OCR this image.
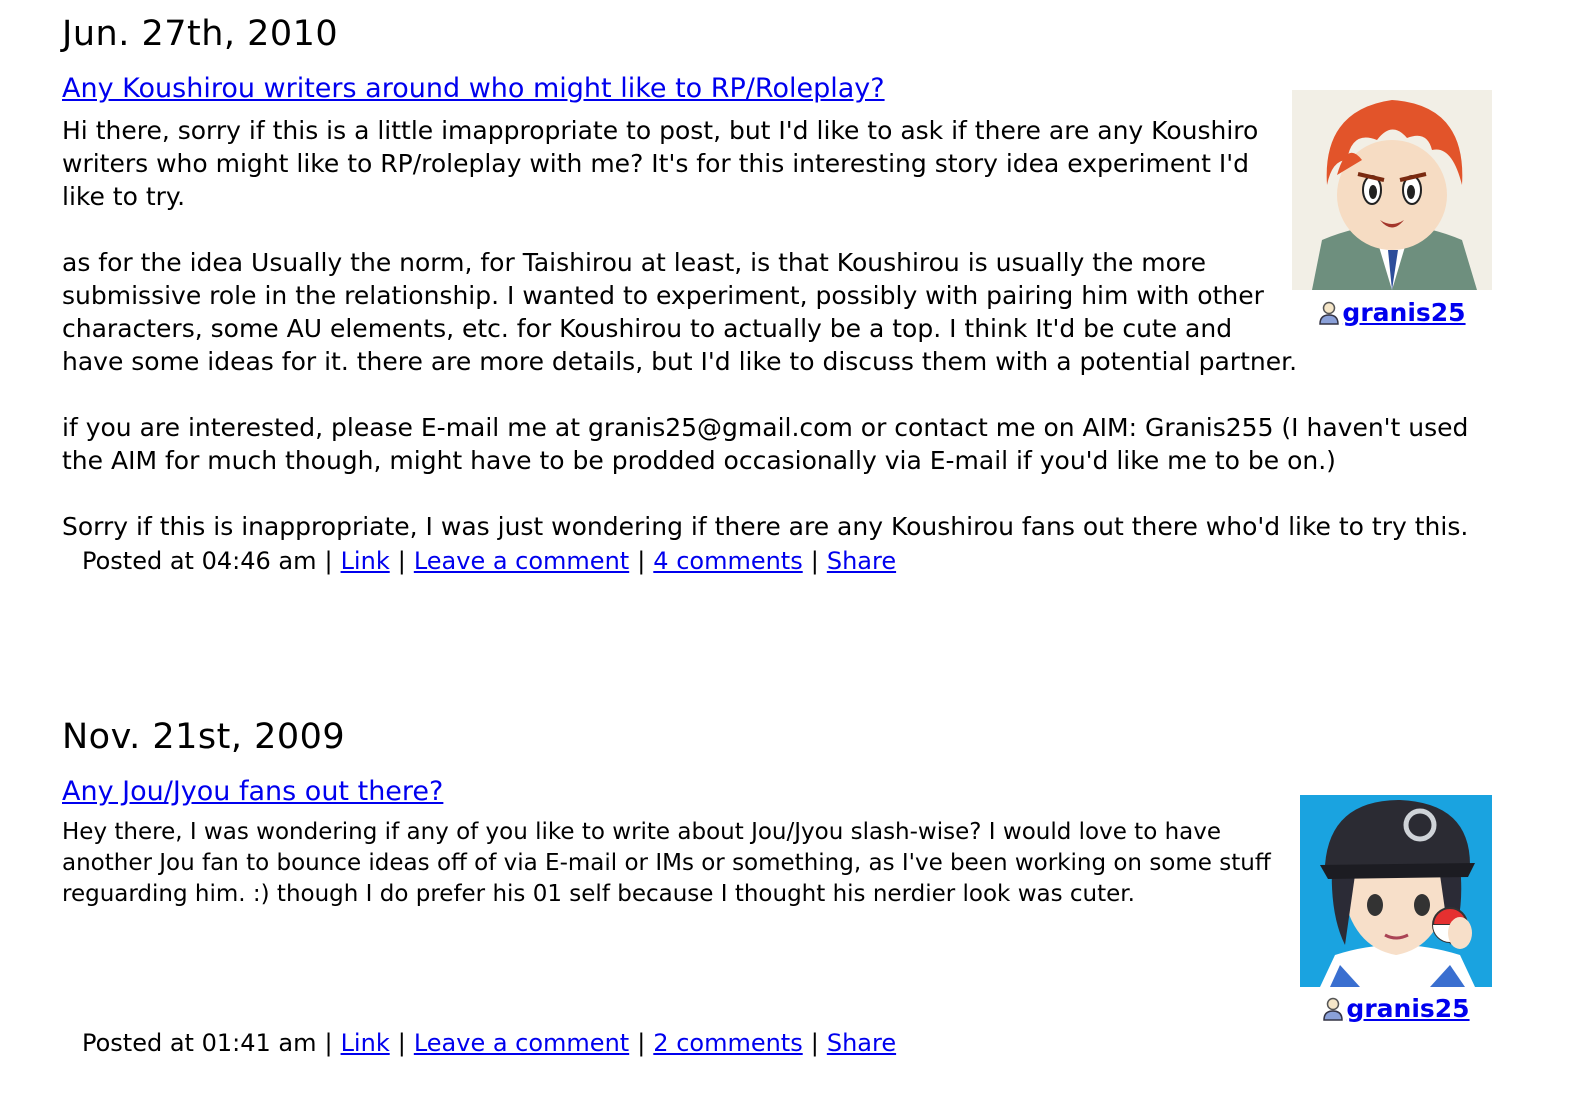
Jun. 27th, 2010
Any Koushirou writers around who might like to RP/Roleplay?
granis25

Hi there, sorry if this is a little imappropriate to post, but I'd like to ask if there are any Koushiro writers who might like to RP/roleplay with me? It's for this interesting story idea experiment I'd like to try.

as for the idea Usually the norm, for Taishirou at least, is that Koushirou is usually the more submissive role in the relationship. I wanted to experiment, possibly with pairing him with other characters, some AU elements, etc. for Koushirou to actually be a top. I think It'd be cute and have some ideas for it. there are more details, but I'd like to discuss them with a potential partner.

if you are interested, please E-mail me at granis25@gmail.com or contact me on AIM: Granis255 (I haven't used the AIM for much though, might have to be prodded occasionally via E-mail if you'd like me to be on.)

Sorry if this is inappropriate, I was just wondering if there are any Koushirou fans out there who'd like to try this.

Posted at 04:46 am | Link | Leave a comment | 4 comments | Share
Nov. 21st, 2009
Any Jou/Jyou fans out there?
granis25

Hey there, I was wondering if any of you like to write about Jou/Jyou slash-wise? I would love to have another Jou fan to bounce ideas off of via E-mail or IMs or something, as I've been working on some stuff reguarding him. :) though I do prefer his 01 self because I thought his nerdier look was cuter.

Posted at 01:41 am | Link | Leave a comment | 2 comments | Share
